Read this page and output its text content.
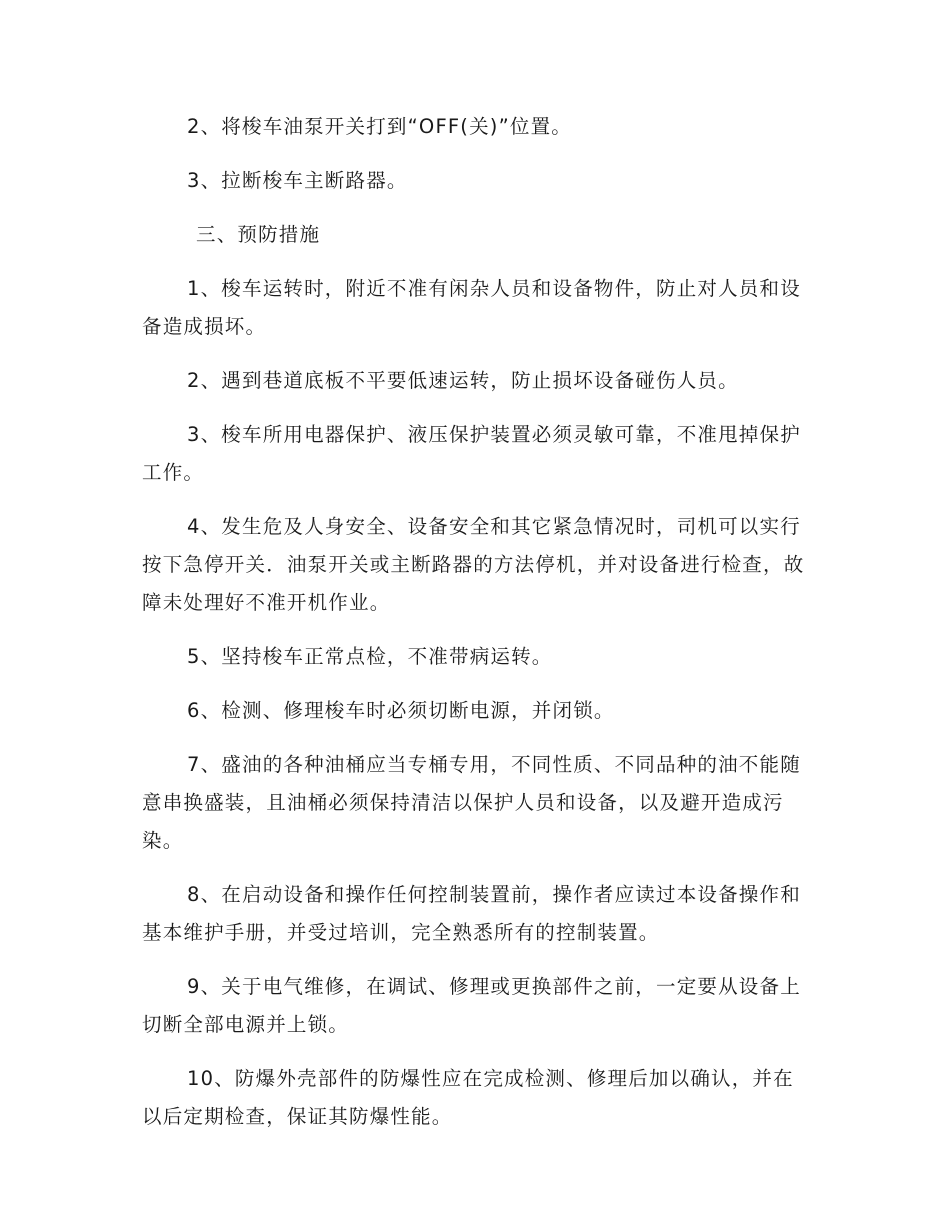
2、将梭车油泵开关打到“OFF(关)”位置。

3、拉断梭车主断路器。

三、预防措施

1、梭车运转时，附近不准有闲杂人员和设备物件，防止对人员和设备造成损坏。

2、遇到巷道底板不平要低速运转，防止损坏设备碰伤人员。

3、梭车所用电器保护、液压保护装置必须灵敏可靠，不准甩掉保护工作。

4、发生危及人身安全、设备安全和其它紧急情况时，司机可以实行按下急停开关．油泵开关或主断路器的方法停机，并对设备进行检查，故障未处理好不准开机作业。

5、坚持梭车正常点检，不准带病运转。

6、检测、修理梭车时必须切断电源，并闭锁。

7、盛油的各种油桶应当专桶专用，不同性质、不同品种的油不能随意串换盛装，且油桶必须保持清洁以保护人员和设备，以及避开造成污染。

8、在启动设备和操作任何控制装置前，操作者应读过本设备操作和基本维护手册，并受过培训，完全熟悉所有的控制装置。

9、关于电气维修，在调试、修理或更换部件之前，一定要从设备上切断全部电源并上锁。

10、防爆外壳部件的防爆性应在完成检测、修理后加以确认，并在以后定期检查，保证其防爆性能。
